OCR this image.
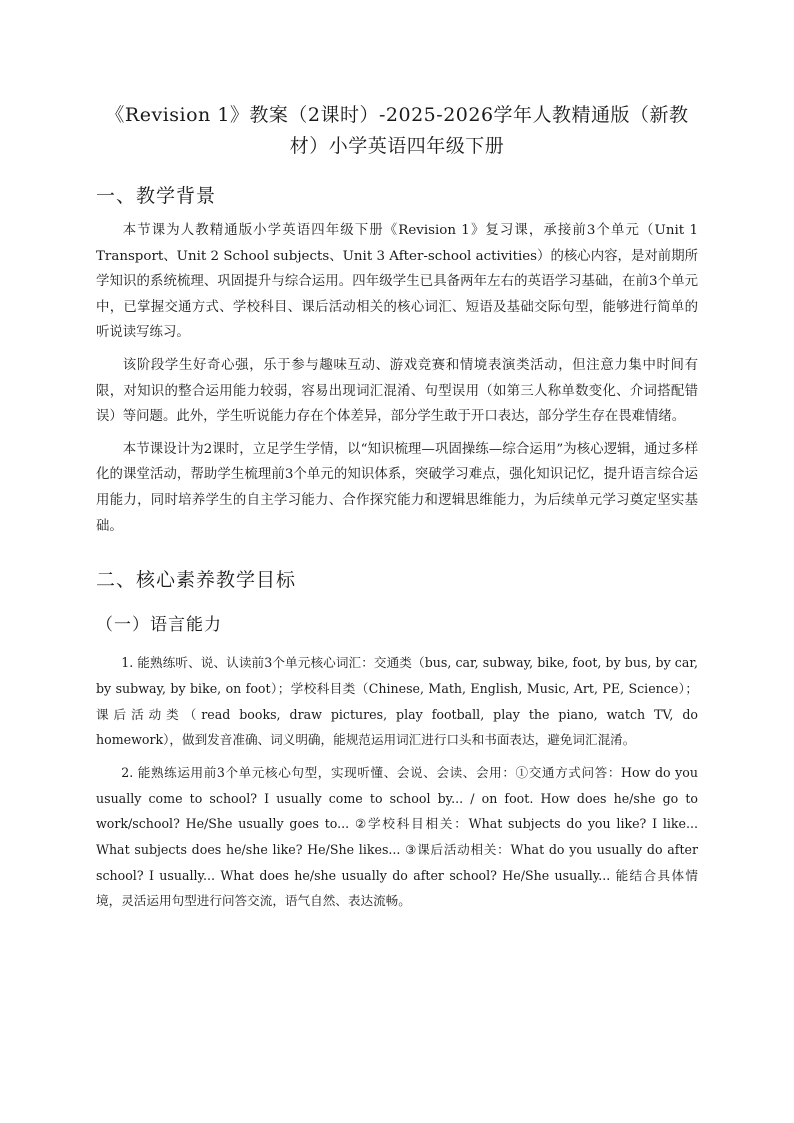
《Revision 1》教案（2课时）-2025-2026学年人教精通版（新教材）小学英语四年级下册
一、教学背景

本节课为人教精通版小学英语四年级下册《Revision 1》复习课，承接前3个单元（Unit 1 Transport、Unit 2 School subjects、Unit 3 After-school activities）的核心内容，是对前期所学知识的系统梳理、巩固提升与综合运用。四年级学生已具备两年左右的英语学习基础，在前3个单元中，已掌握交通方式、学校科目、课后活动相关的核心词汇、短语及基础交际句型，能够进行简单的听说读写练习。

该阶段学生好奇心强，乐于参与趣味互动、游戏竞赛和情境表演类活动，但注意力集中时间有限，对知识的整合运用能力较弱，容易出现词汇混淆、句型误用（如第三人称单数变化、介词搭配错误）等问题。此外，学生听说能力存在个体差异，部分学生敢于开口表达，部分学生存在畏难情绪。

本节课设计为2课时，立足学生学情，以“知识梳理—巩固操练—综合运用”为核心逻辑，通过多样化的课堂活动，帮助学生梳理前3个单元的知识体系，突破学习难点，强化知识记忆，提升语言综合运用能力，同时培养学生的自主学习能力、合作探究能力和逻辑思维能力，为后续单元学习奠定坚实基础。

二、核心素养教学目标
（一）语言能力

1. 能熟练听、说、认读前3个单元核心词汇：交通类（bus, car, subway, bike, foot, by bus, by car, by subway, by bike, on foot）；学校科目类（Chinese, Math, English, Music, Art, PE, Science）；课后活动类（read books, draw pictures, play football, play the piano, watch TV, do homework），做到发音准确、词义明确，能规范运用词汇进行口头和书面表达，避免词汇混淆。

2. 能熟练运用前3个单元核心句型，实现听懂、会说、会读、会用：①交通方式问答：How do you usually come to school? I usually come to school by... / on foot. How does he/she go to work/school? He/She usually goes to... ②学校科目相关：What subjects do you like? I like... What subjects does he/she like? He/She likes... ③课后活动相关：What do you usually do after school? I usually... What does he/she usually do after school? He/She usually... 能结合具体情境，灵活运用句型进行问答交流，语气自然、表达流畅。
